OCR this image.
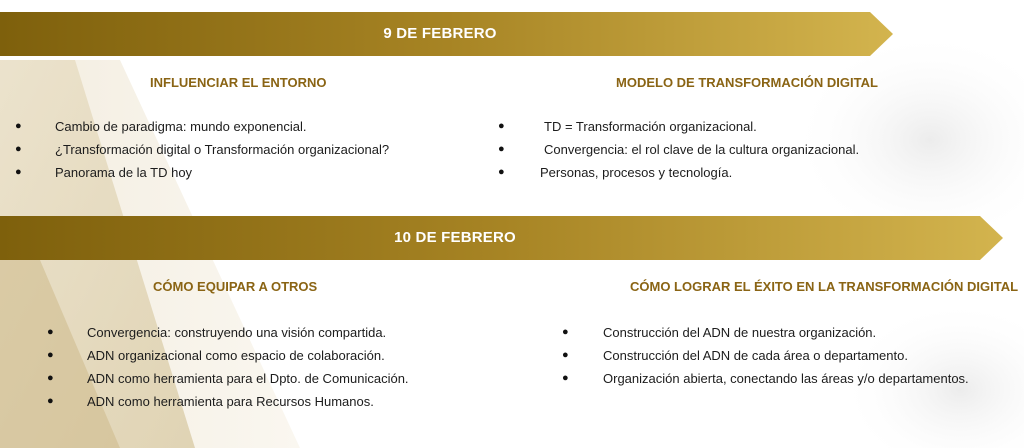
9 DE FEBRERO
INFLUENCIAR EL ENTORNO
●	Cambio de paradigma: mundo exponencial.
●	¿Transformación digital o Transformación organizacional?
●	Panorama de la TD hoy
MODELO DE TRANSFORMACIÓN DIGITAL
●	TD = Transformación organizacional.
●	Convergencia: el rol clave de la cultura organizacional.
●	Personas, procesos y tecnología.
10 DE FEBRERO
CÓMO EQUIPAR A OTROS
●	Convergencia: construyendo una visión compartida.
●	ADN organizacional como espacio de colaboración.
●	ADN como herramienta para el Dpto. de Comunicación.
●	ADN como herramienta para Recursos Humanos.
CÓMO LOGRAR EL ÉXITO EN LA TRANSFORMACIÓN DIGITAL
●	Construcción del ADN de nuestra organización.
●	Construcción del ADN de cada área o departamento.
●	Organización abierta, conectando las áreas y/o departamentos.
